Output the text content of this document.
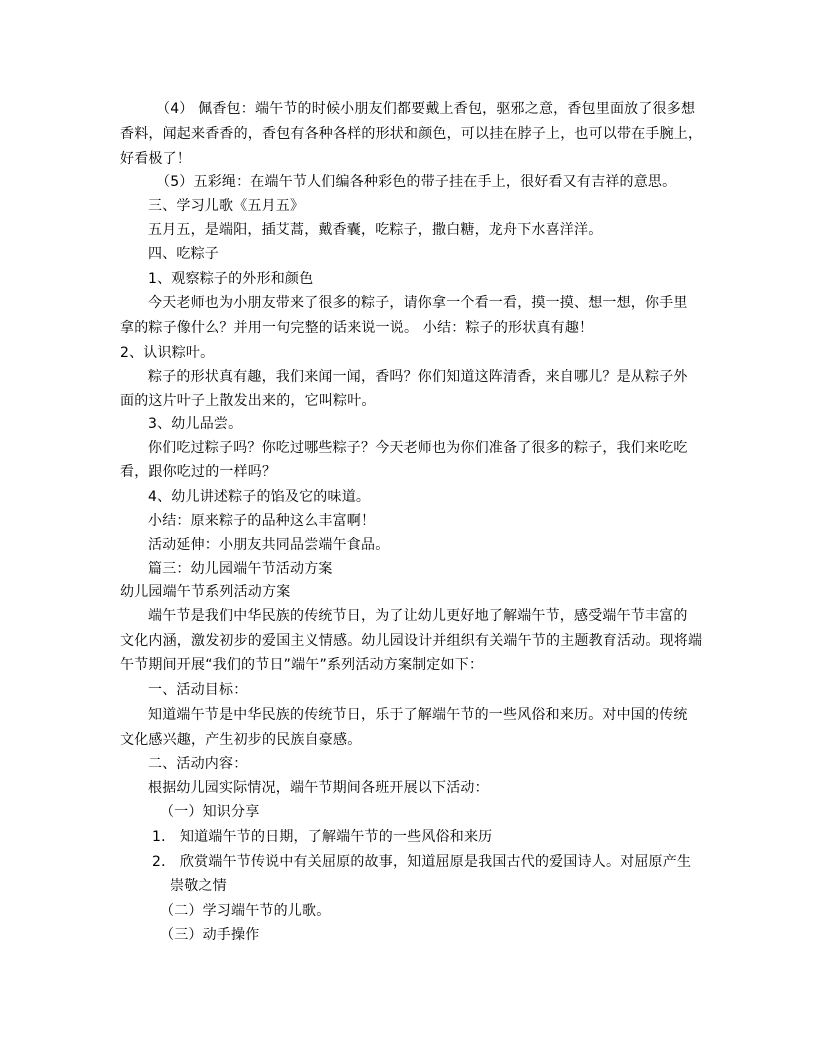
（4） 佩香包：端午节的时候小朋友们都要戴上香包，驱邪之意，香包里面放了很多想
香料，闻起来香香的，香包有各种各样的形状和颜色，可以挂在脖子上，也可以带在手腕上，
好看极了！
（5）五彩绳：在端午节人们编各种彩色的带子挂在手上，很好看又有吉祥的意思。
三、学习儿歌《五月五》
五月五，是端阳，插艾蒿，戴香囊，吃粽子，撒白糖，龙舟下水喜洋洋。
四、吃粽子
1、观察粽子的外形和颜色
今天老师也为小朋友带来了很多的粽子，请你拿一个看一看，摸一摸、想一想，你手里
拿的粽子像什么？并用一句完整的话来说一说。 小结：粽子的形状真有趣！
2、认识粽叶。
粽子的形状真有趣，我们来闻一闻，香吗？你们知道这阵清香，来自哪儿？是从粽子外
面的这片叶子上散发出来的，它叫粽叶。
3、幼儿品尝。
你们吃过粽子吗？你吃过哪些粽子？今天老师也为你们准备了很多的粽子，我们来吃吃
看，跟你吃过的一样吗？
4、幼儿讲述粽子的馅及它的味道。
小结：原来粽子的品种这么丰富啊！
活动延伸：小朋友共同品尝端午食品。
篇三：幼儿园端午节活动方案
幼儿园端午节系列活动方案
端午节是我们中华民族的传统节日，为了让幼儿更好地了解端午节，感受端午节丰富的
文化内涵，激发初步的爱国主义情感。幼儿园设计并组织有关端午节的主题教育活动。现将端
午节期间开展“我们的节日”端午”系列活动方案制定如下：
一、活动目标：
知道端午节是中华民族的传统节日，乐于了解端午节的一些风俗和来历。对中国的传统
文化感兴趣，产生初步的民族自豪感。
二、活动内容：
根据幼儿园实际情况，端午节期间各班开展以下活动：
（一）知识分享
1． 知道端午节的日期，了解端午节的一些风俗和来历
2． 欣赏端午节传说中有关屈原的故事，知道屈原是我国古代的爱国诗人。对屈原产生
崇敬之情
（二）学习端午节的儿歌。
（三）动手操作
